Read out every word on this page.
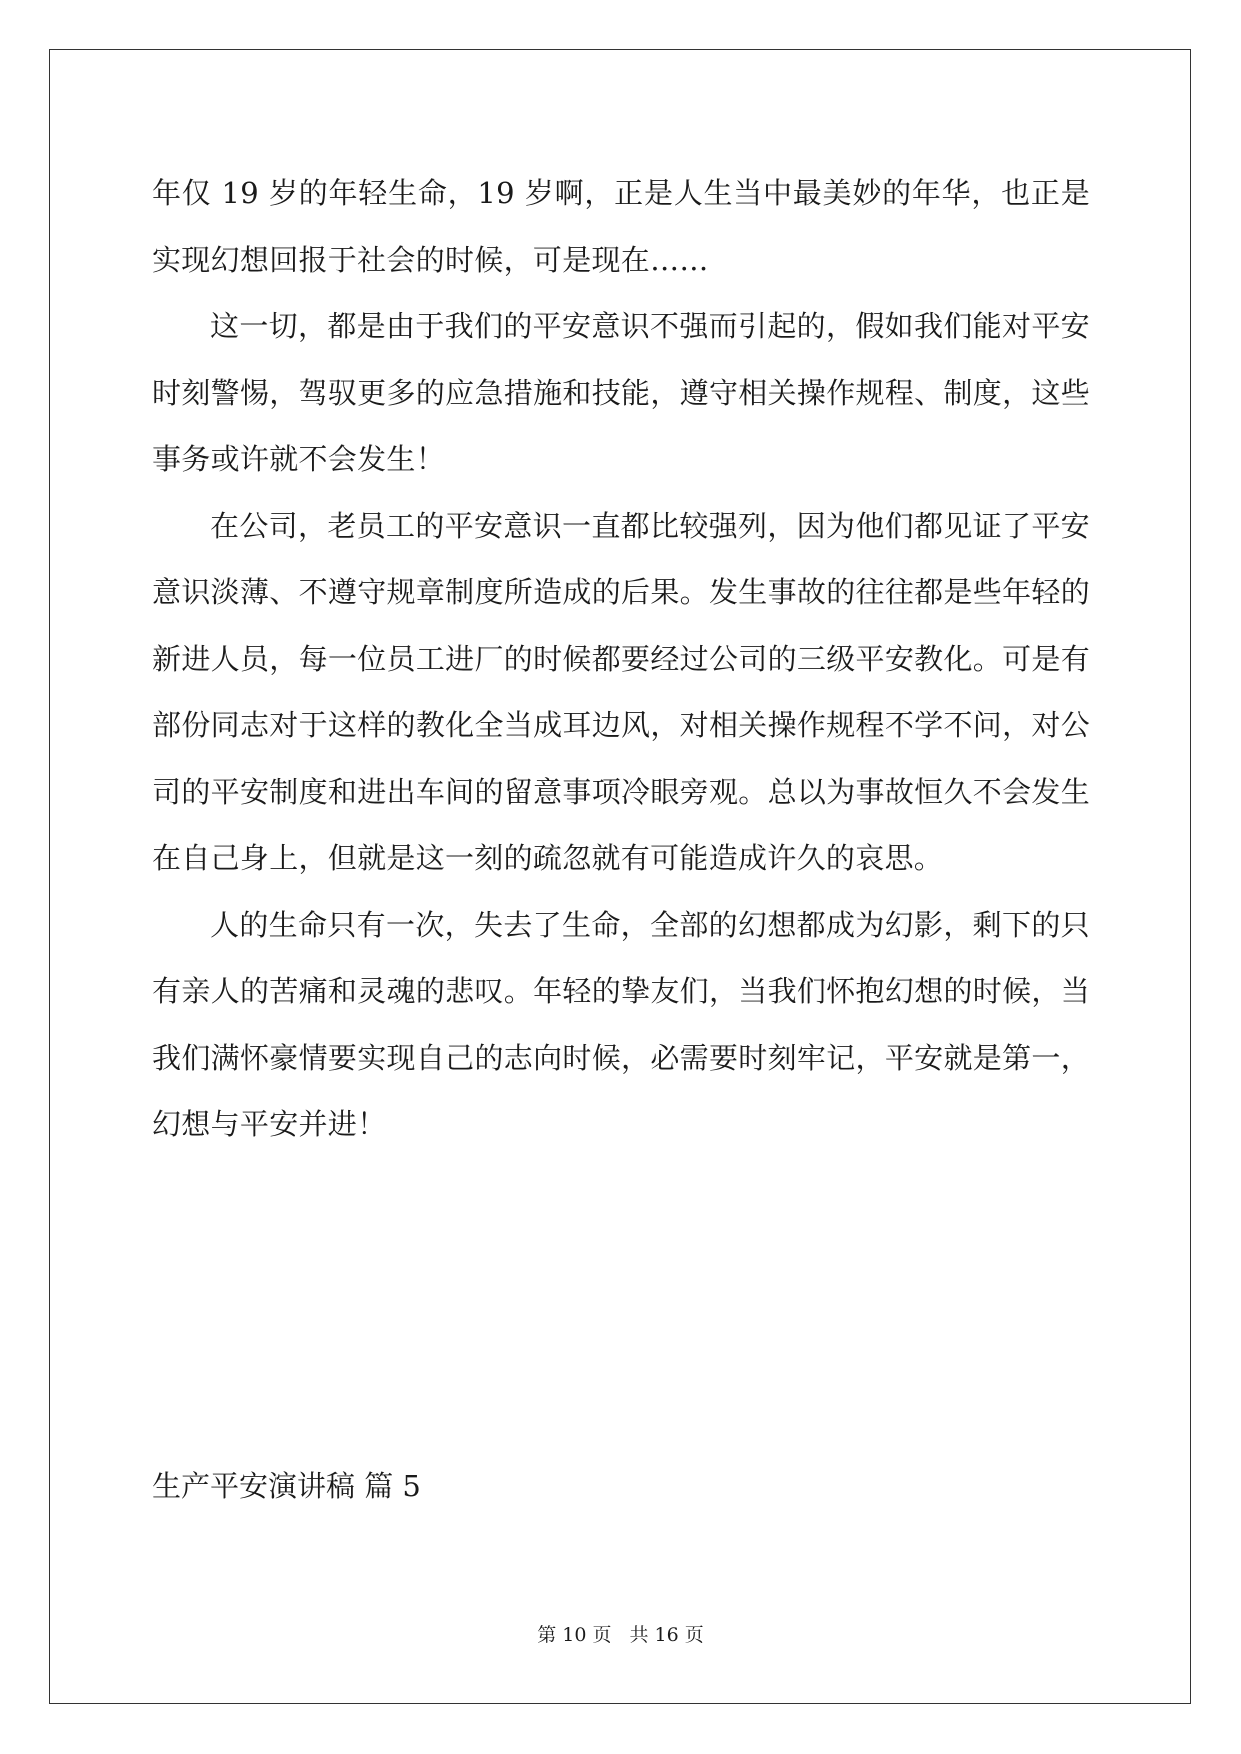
年仅 19 岁的年轻生命，19 岁啊，正是人生当中最美妙的年华，也正是实现幻想回报于社会的时候，可是现在……

这一切，都是由于我们的平安意识不强而引起的，假如我们能对平安时刻警惕，驾驭更多的应急措施和技能，遵守相关操作规程、制度，这些事务或许就不会发生！

在公司，老员工的平安意识一直都比较强列，因为他们都见证了平安意识淡薄、不遵守规章制度所造成的后果。发生事故的往往都是些年轻的新进人员，每一位员工进厂的时候都要经过公司的三级平安教化。可是有部份同志对于这样的教化全当成耳边风，对相关操作规程不学不问，对公司的平安制度和进出车间的留意事项冷眼旁观。总以为事故恒久不会发生在自己身上，但就是这一刻的疏忽就有可能造成许久的哀思。

人的生命只有一次，失去了生命，全部的幻想都成为幻影，剩下的只有亲人的苦痛和灵魂的悲叹。年轻的挚友们，当我们怀抱幻想的时候，当我们满怀豪情要实现自己的志向时候，必需要时刻牢记，平安就是第一，幻想与平安并进！

生产平安演讲稿 篇 5
第 10 页 共 16 页
